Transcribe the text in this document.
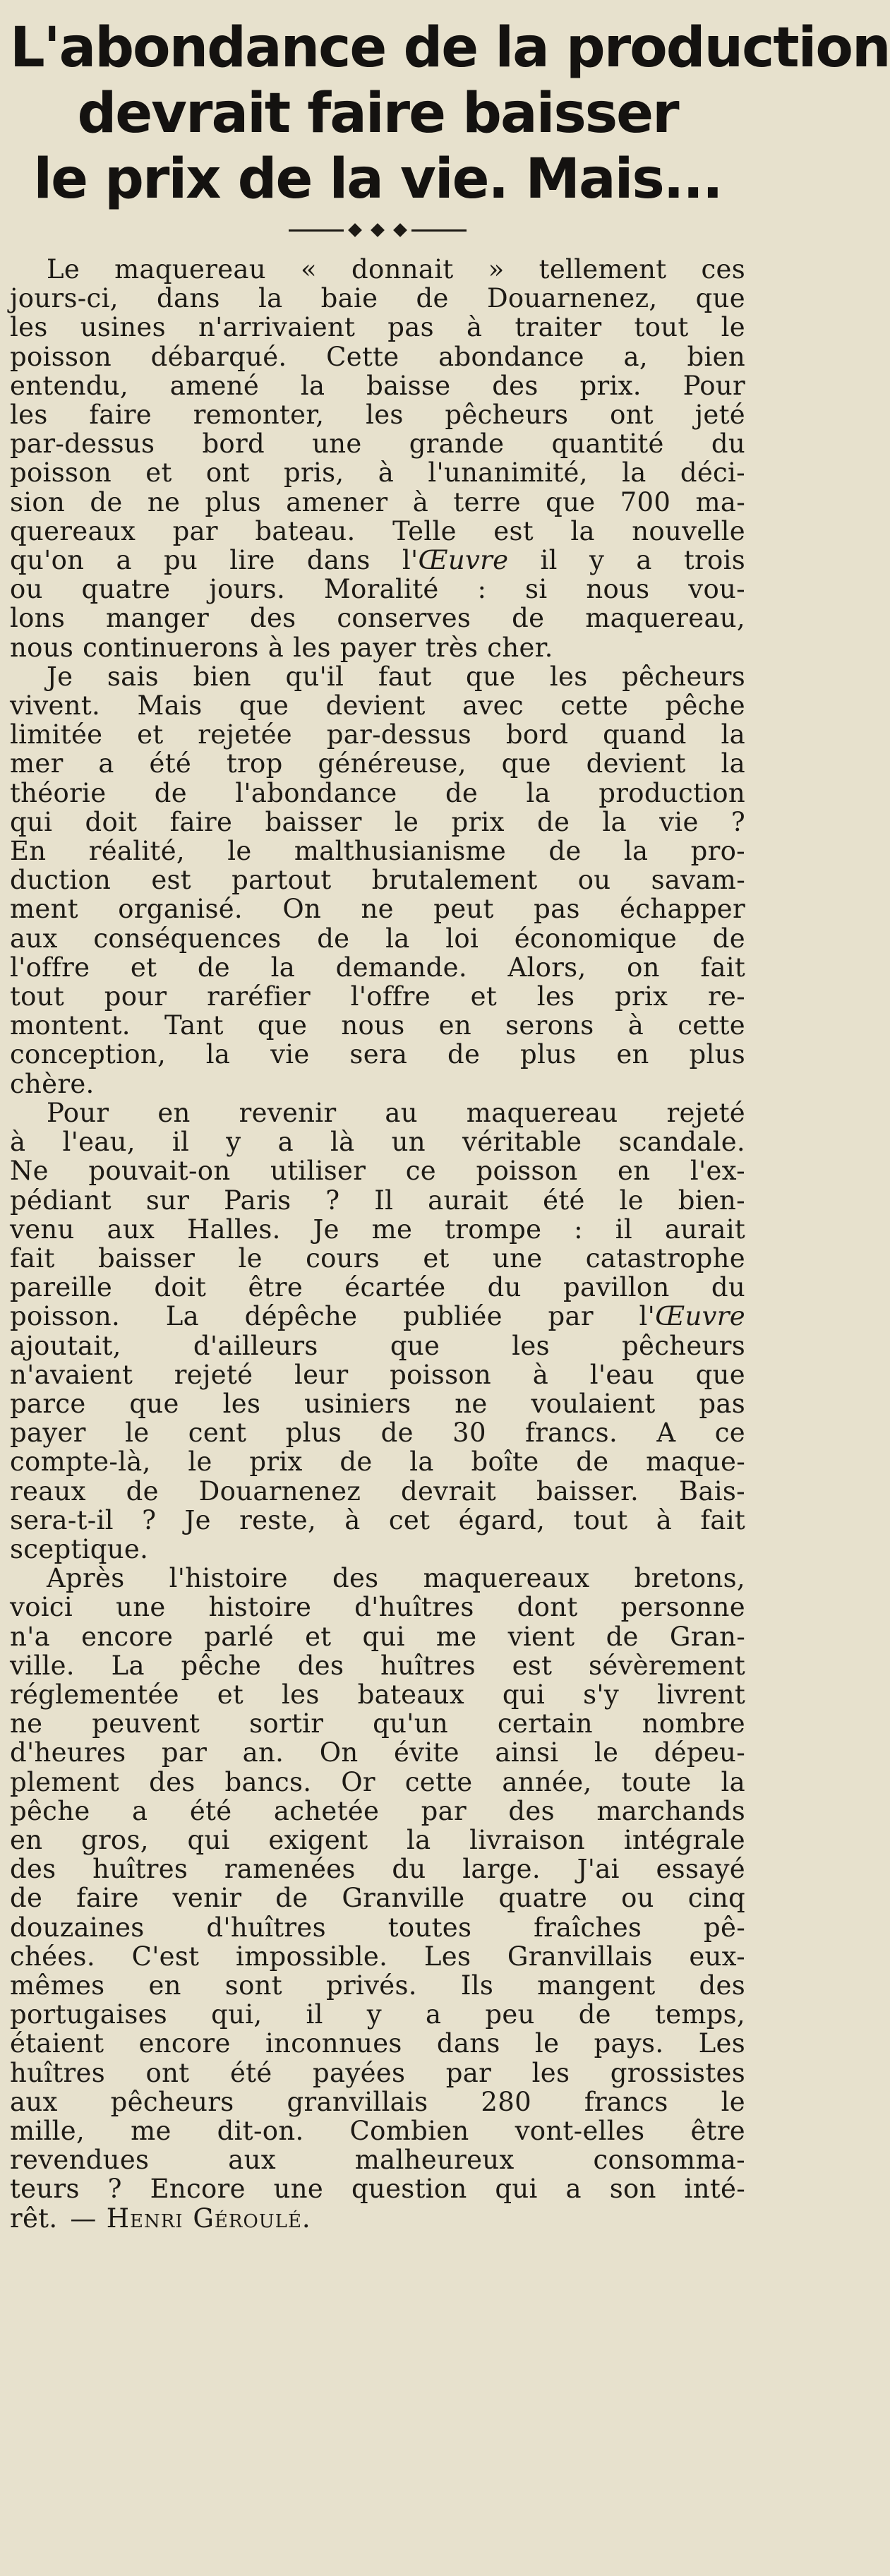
L'abondance de la production
devrait faire baisser
le prix de la vie. Mais...

Le maquereau « donnait » tellement ces
jours-ci, dans la baie de Douarnenez, que
les usines n'arrivaient pas à traiter tout le
poisson débarqué. Cette abondance a, bien
entendu, amené la baisse des prix. Pour
les faire remonter, les pêcheurs ont jeté
par-dessus bord une grande quantité du
poisson et ont pris, à l'unanimité, la déci-
sion de ne plus amener à terre que 700 ma-
quereaux par bateau. Telle est la nouvelle
qu'on a pu lire dans l'Œuvre il y a trois
ou quatre jours. Moralité : si nous vou-
lons manger des conserves de maquereau,
nous continuerons à les payer très cher.

Je sais bien qu'il faut que les pêcheurs
vivent. Mais que devient avec cette pêche
limitée et rejetée par-dessus bord quand la
mer a été trop généreuse, que devient la
théorie de l'abondance de la production
qui doit faire baisser le prix de la vie ?
En réalité, le malthusianisme de la pro-
duction est partout brutalement ou savam-
ment organisé. On ne peut pas échapper
aux conséquences de la loi économique de
l'offre et de la demande. Alors, on fait
tout pour raréfier l'offre et les prix re-
montent. Tant que nous en serons à cette
conception, la vie sera de plus en plus
chère.

Pour en revenir au maquereau rejeté
à l'eau, il y a là un véritable scandale.
Ne pouvait-on utiliser ce poisson en l'ex-
pédiant sur Paris ? Il aurait été le bien-
venu aux Halles. Je me trompe : il aurait
fait baisser le cours et une catastrophe
pareille doit être écartée du pavillon du
poisson. La dépêche publiée par l'Œuvre
ajoutait, d'ailleurs que les pêcheurs
n'avaient rejeté leur poisson à l'eau que
parce que les usiniers ne voulaient pas
payer le cent plus de 30 francs. A ce
compte-là, le prix de la boîte de maque-
reaux de Douarnenez devrait baisser. Bais-
sera-t-il ? Je reste, à cet égard, tout à fait
sceptique.

Après l'histoire des maquereaux bretons,
voici une histoire d'huîtres dont personne
n'a encore parlé et qui me vient de Gran-
ville. La pêche des huîtres est sévèrement
réglementée et les bateaux qui s'y livrent
ne peuvent sortir qu'un certain nombre
d'heures par an. On évite ainsi le dépeu-
plement des bancs. Or cette année, toute la
pêche a été achetée par des marchands
en gros, qui exigent la livraison intégrale
des huîtres ramenées du large. J'ai essayé
de faire venir de Granville quatre ou cinq
douzaines d'huîtres toutes fraîches pê-
chées. C'est impossible. Les Granvillais eux-
mêmes en sont privés. Ils mangent des
portugaises qui, il y a peu de temps,
étaient encore inconnues dans le pays. Les
huîtres ont été payées par les grossistes
aux pêcheurs granvillais 280 francs le
mille, me dit-on. Combien vont-elles être
revendues aux malheureux consomma-
teurs ? Encore une question qui a son inté-
rêt. — Henri Géroulé.
